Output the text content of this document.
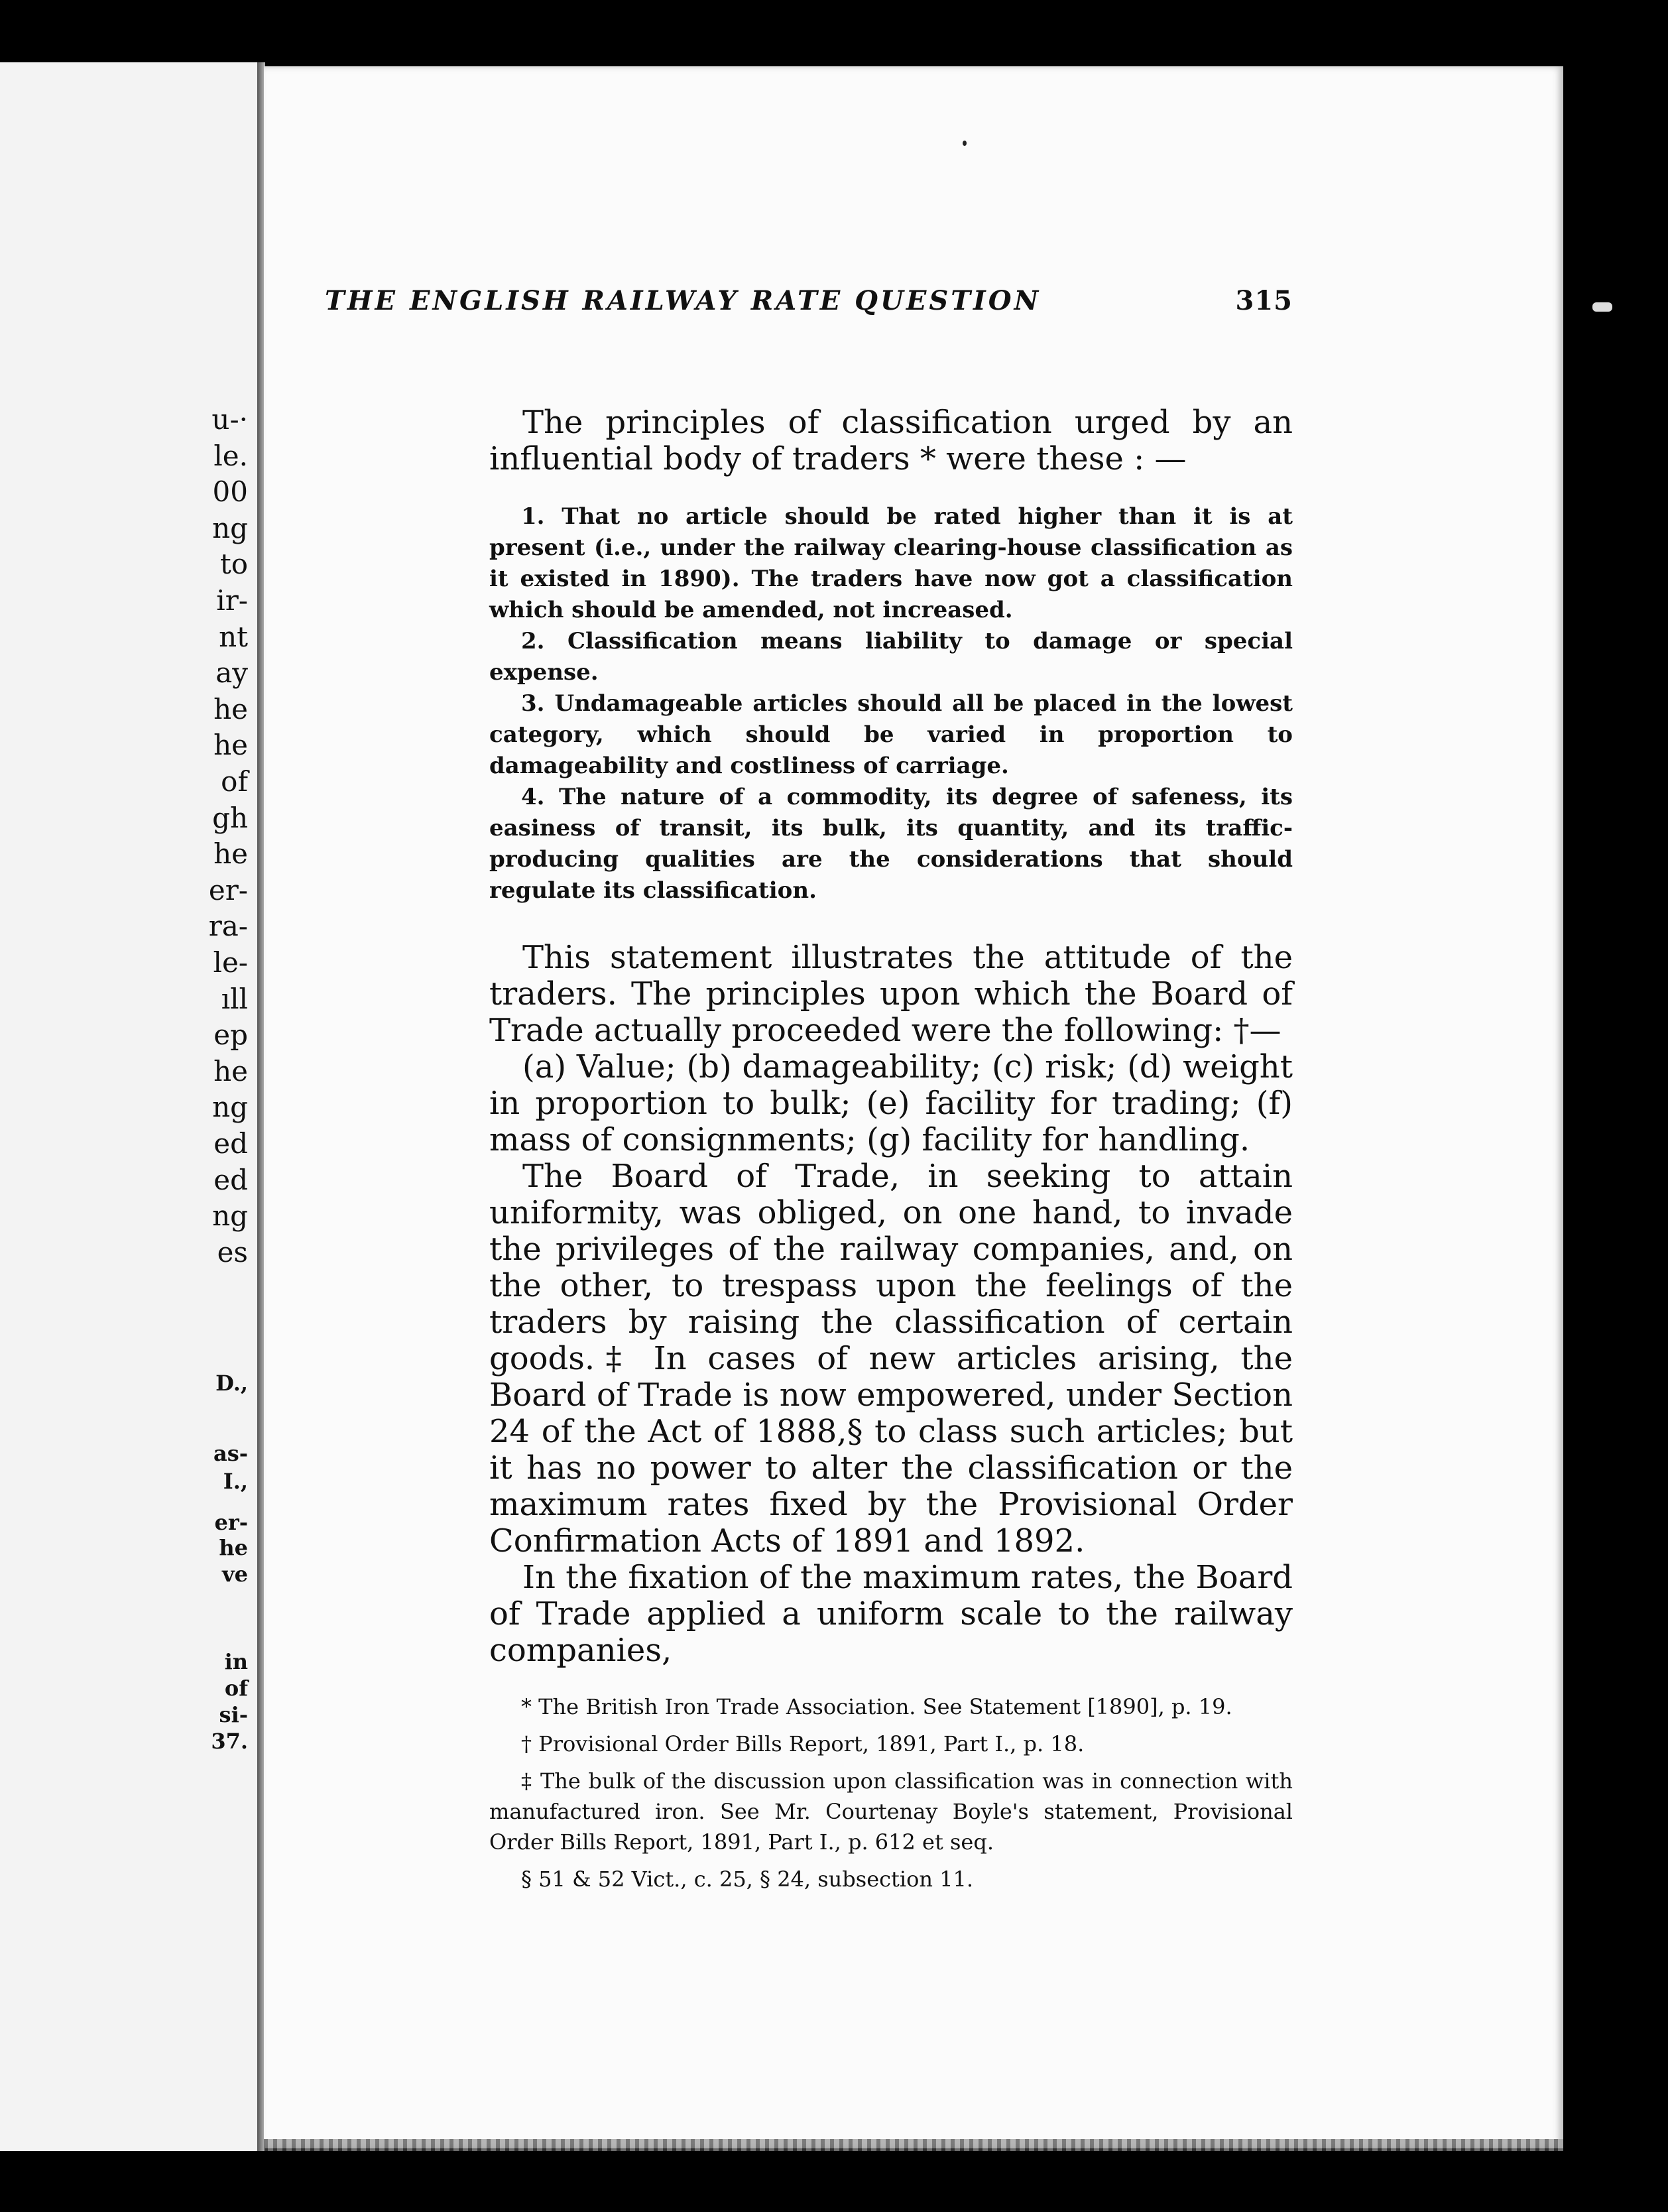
u-·
le.
00
ng
to
ir-
nt
ay
he
he
of
gh
he
er-
ra-
le-
ıll
ep
he
ng
ed
ed
ng
es
D.,
as-
I.,
er-
he
ve
in
of
si-
37.
THE ENGLISH RAILWAY RATE QUESTION	315

The principles of classification urged by an influential body of traders * were these : —

1. That no article should be rated higher than it is at present (i.e., under the railway clearing-house classification as it existed in 1890). The traders have now got a classification which should be amended, not increased.

2. Classification means liability to damage or special expense.

3. Undamageable articles should all be placed in the lowest category, which should be varied in proportion to damageability and costliness of carriage.

4. The nature of a commodity, its degree of safeness, its easiness of transit, its bulk, its quantity, and its traffic-producing qualities are the considerations that should regulate its classification.

This statement illustrates the attitude of the traders. The principles upon which the Board of Trade actually proceeded were the following: †—

(a) Value; (b) damageability; (c) risk; (d) weight in proportion to bulk; (e) facility for trading; (f) mass of consignments; (g) facility for handling.

The Board of Trade, in seeking to attain uniformity, was obliged, on one hand, to invade the privileges of the railway companies, and, on the other, to trespass upon the feelings of the traders by raising the classification of certain goods.‡ In cases of new articles arising, the Board of Trade is now empowered, under Section 24 of the Act of 1888,§ to class such articles; but it has no power to alter the classification or the maximum rates fixed by the Provisional Order Confirmation Acts of 1891 and 1892.

In the fixation of the maximum rates, the Board of Trade applied a uniform scale to the railway companies,

* The British Iron Trade Association. See Statement [1890], p. 19.

† Provisional Order Bills Report, 1891, Part I., p. 18.

‡ The bulk of the discussion upon classification was in connection with manufactured iron. See Mr. Courtenay Boyle's statement, Provisional Order Bills Report, 1891, Part I., p. 612 et seq.

§ 51 & 52 Vict., c. 25, § 24, subsection 11.
